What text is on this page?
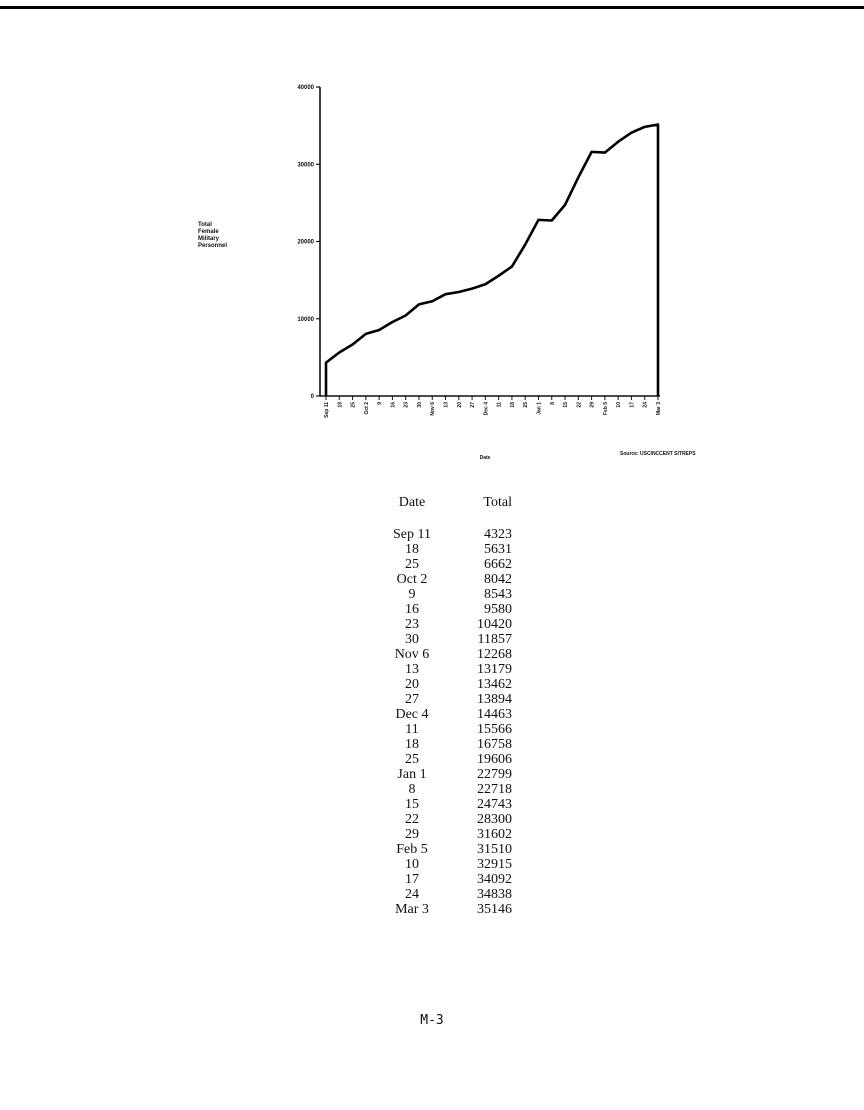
Total
Female
Military
Personnel
0
10000
20000
30000
40000
Sep 11 18 25 Oct 2 9 16 23 30 Nov 6 13 20 27 Dec 4 11 18 25 Jan 1 8 15 22 29 Feb 5 10 17 24 Mar 3
Date
Source: USCINCCENT SITREPS
Date	Total
Sep 11	4323
18	5631
25	6662
Oct 2	8042
9	8543
16	9580
23	10420
30	11857
Nov 6	12268
13	13179
20	13462
27	13894
Dec 4	14463
11	15566
18	16758
25	19606
Jan 1	22799
8	22718
15	24743
22	28300
29	31602
Feb 5	31510
10	32915
17	34092
24	34838
Mar 3	35146
M-3
